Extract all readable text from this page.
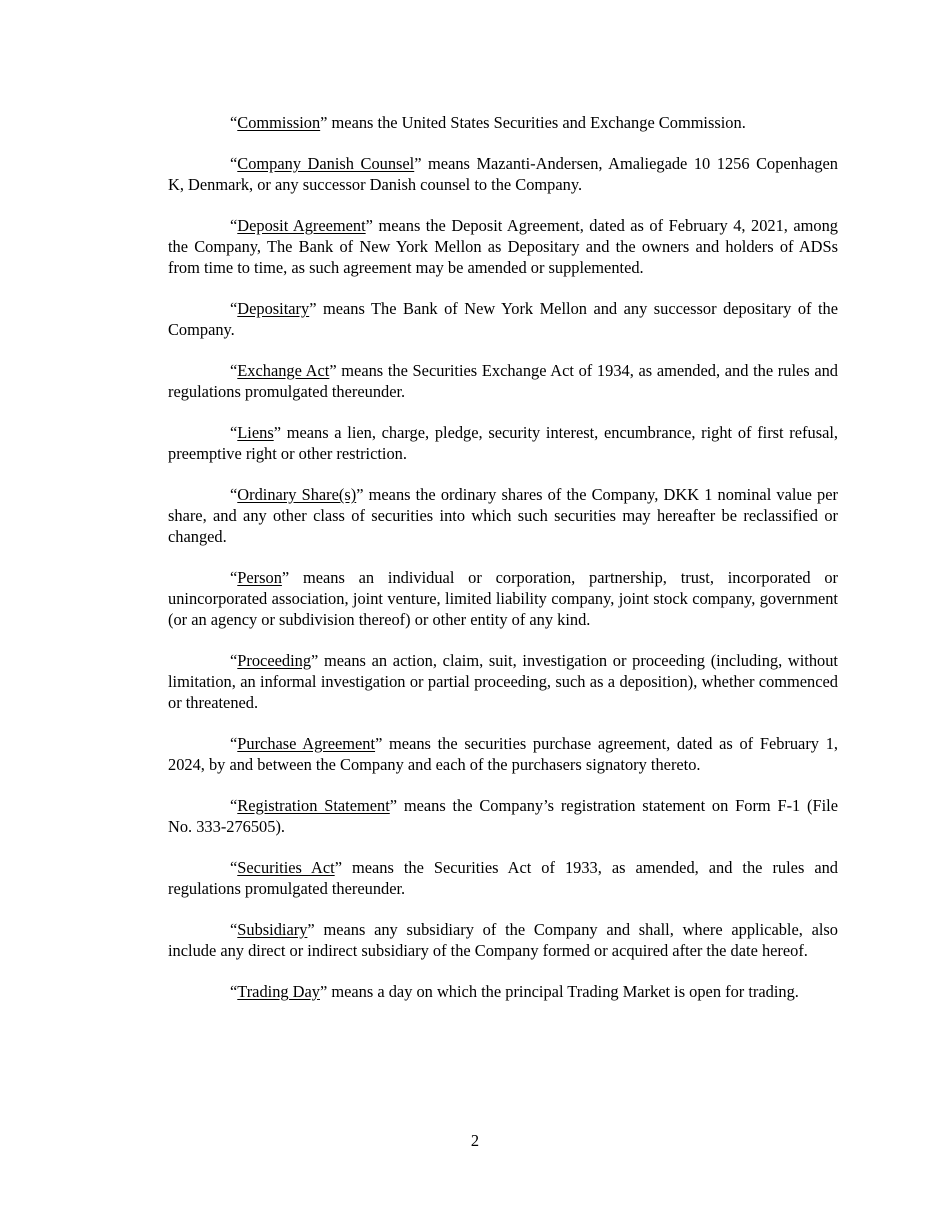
“Commission” means the United States Securities and Exchange Commission.

“Company Danish Counsel” means Mazanti-Andersen, Amaliegade 10 1256 Copenhagen K, Denmark, or any successor Danish counsel to the Company.

“Deposit Agreement” means the Deposit Agreement, dated as of February 4, 2021, among the Company, The Bank of New York Mellon as Depositary and the owners and holders of ADSs from time to time, as such agreement may be amended or supplemented.

“Depositary” means The Bank of New York Mellon and any successor depositary of the Company.

“Exchange Act” means the Securities Exchange Act of 1934, as amended, and the rules and regulations promulgated thereunder.

“Liens” means a lien, charge, pledge, security interest, encumbrance, right of first refusal, preemptive right or other restriction.

“Ordinary Share(s)” means the ordinary shares of the Company, DKK 1 nominal value per share, and any other class of securities into which such securities may hereafter be reclassified or changed.

“Person” means an individual or corporation, partnership, trust, incorporated or unincorporated association, joint venture, limited liability company, joint stock company, government (or an agency or subdivision thereof) or other entity of any kind.

“Proceeding” means an action, claim, suit, investigation or proceeding (including, without limitation, an informal investigation or partial proceeding, such as a deposition), whether commenced or threatened.

“Purchase Agreement” means the securities purchase agreement, dated as of February 1, 2024, by and between the Company and each of the purchasers signatory thereto.

“Registration Statement” means the Company’s registration statement on Form F-1 (File No. 333-276505).

“Securities Act” means the Securities Act of 1933, as amended, and the rules and regulations promulgated thereunder.

“Subsidiary” means any subsidiary of the Company and shall, where applicable, also include any direct or indirect subsidiary of the Company formed or acquired after the date hereof.

“Trading Day” means a day on which the principal Trading Market is open for trading.

2
